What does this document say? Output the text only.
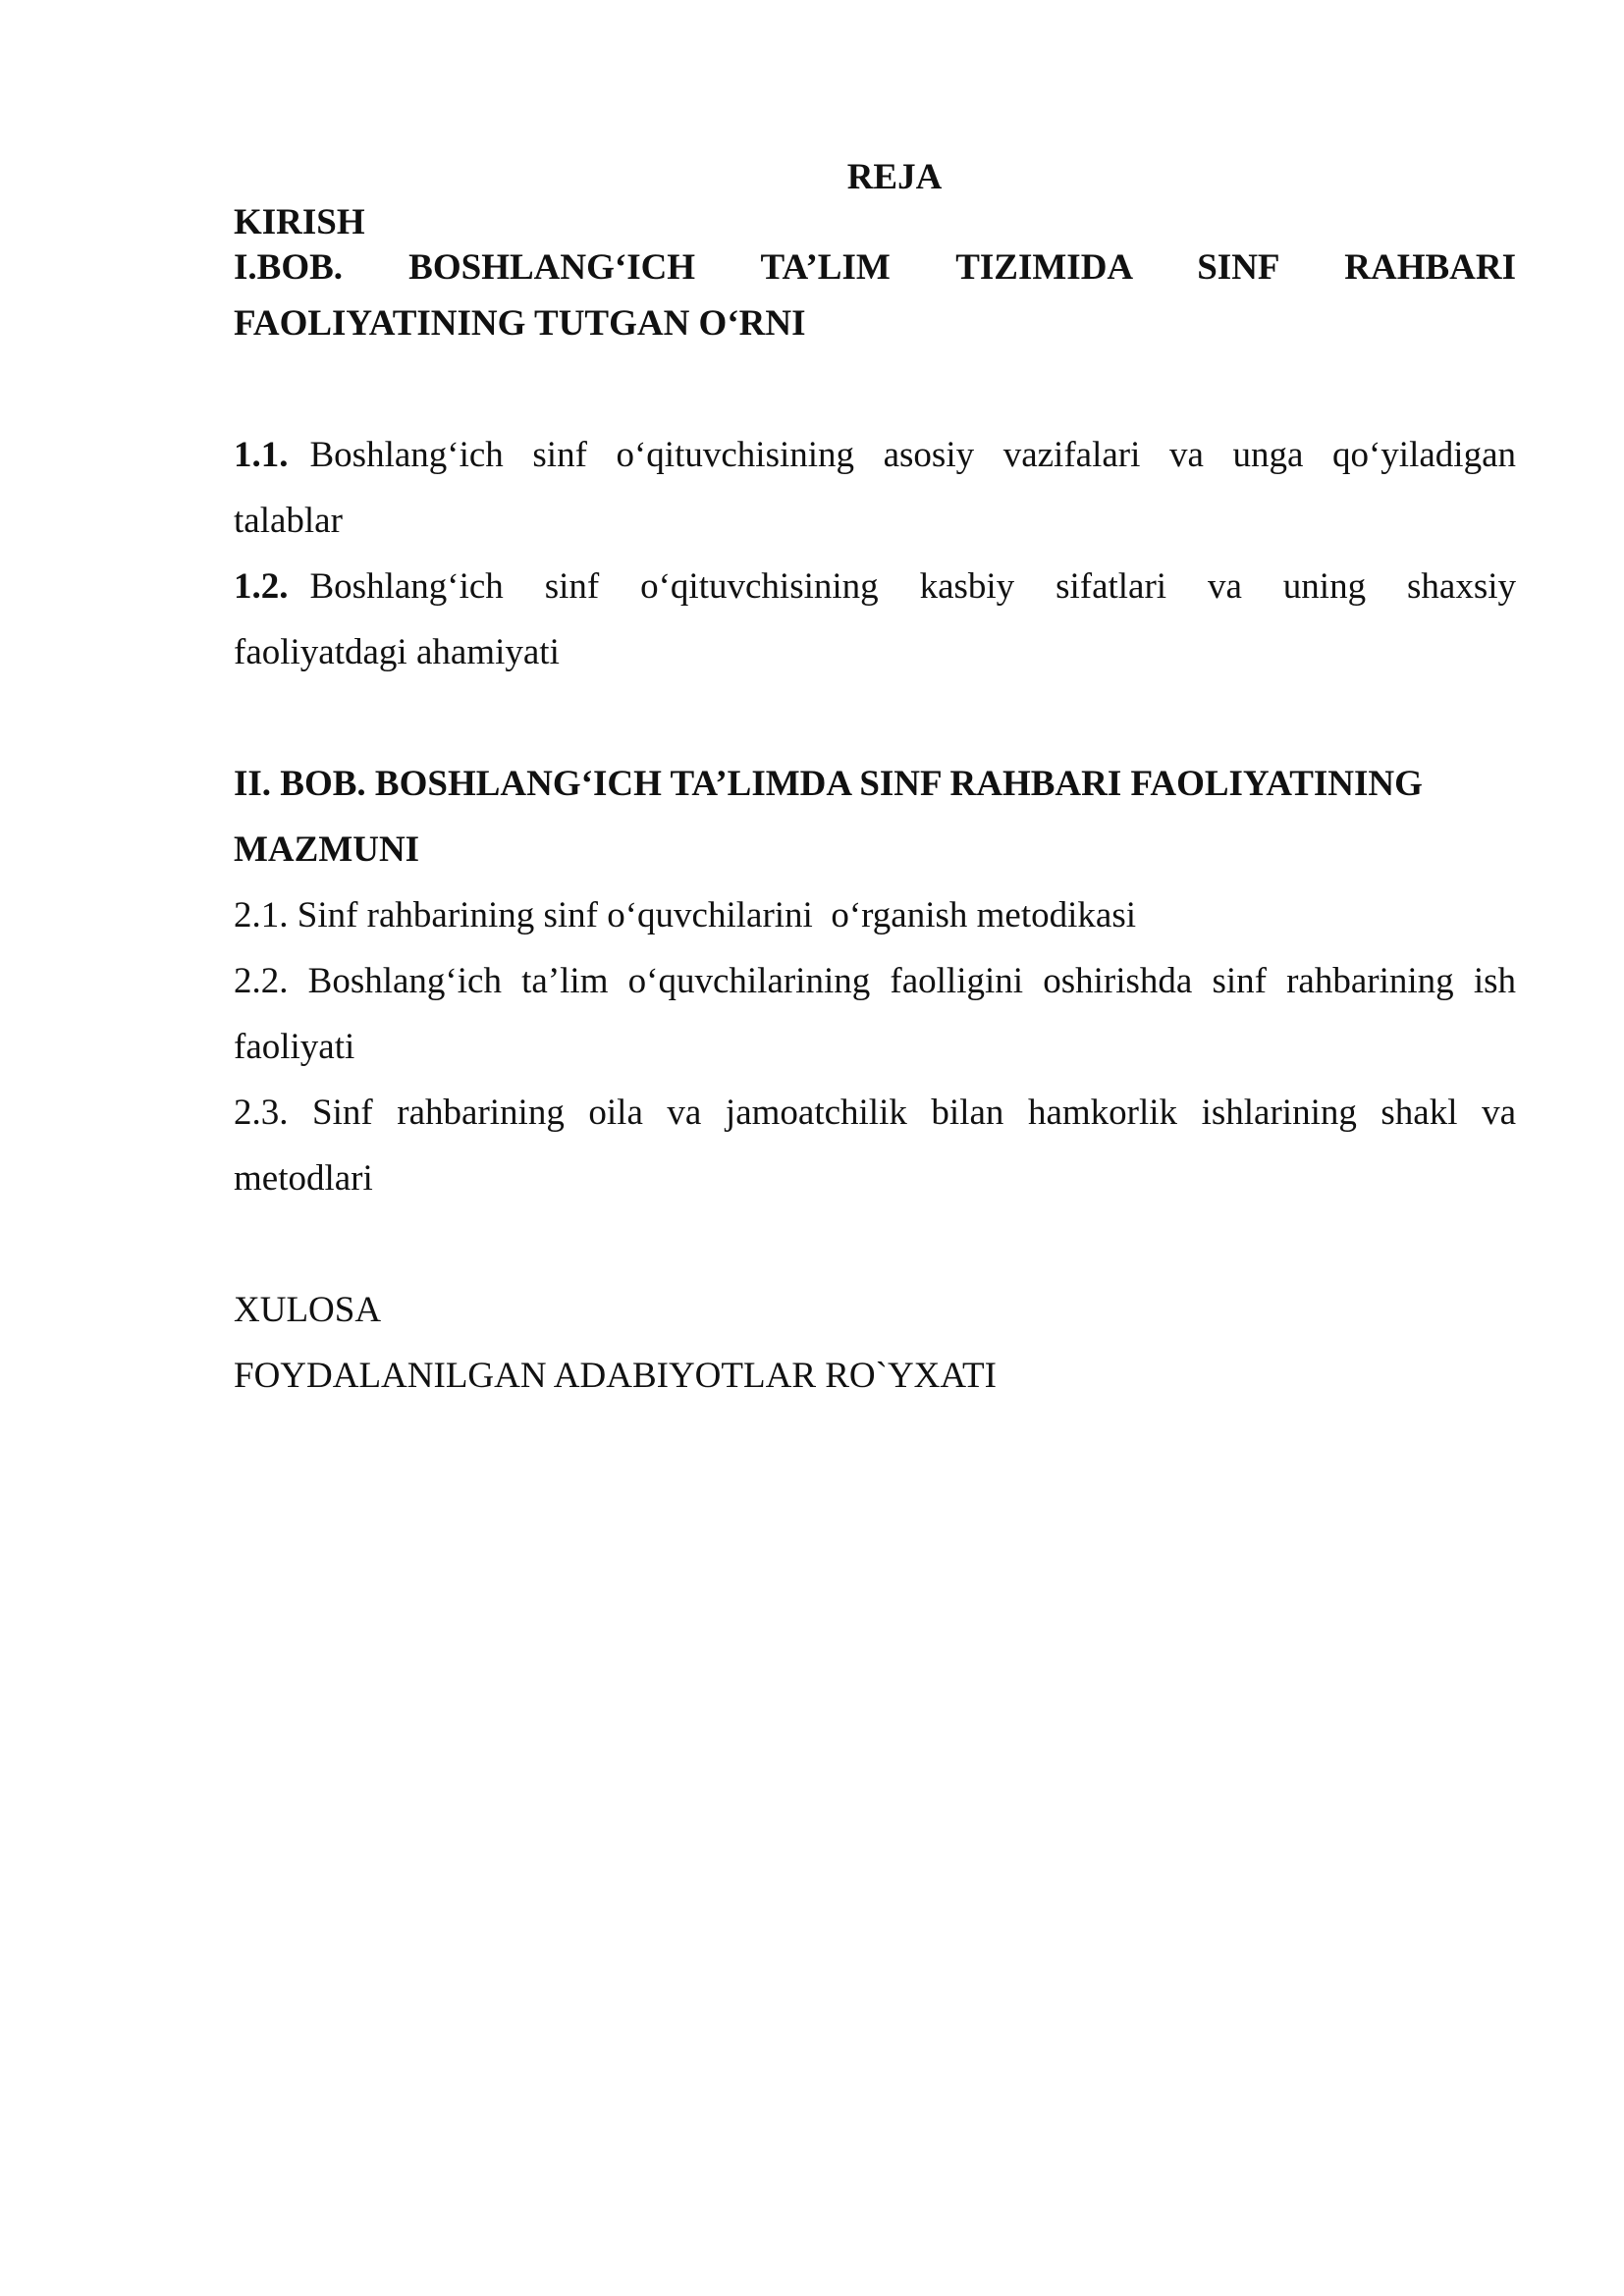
REJA
KIRISH
I.BOB. BOSHLANG‘ICH TA’LIM TIZIMIDA SINF RAHBARI
FAOLIYATINING TUTGAN O‘RNI
1.1. Boshlang‘ich sinf o‘qituvchisining asosiy vazifalari va unga qo‘yiladigan
talablar
1.2. Boshlang‘ich sinf o‘qituvchisining kasbiy sifatlari va uning shaxsiy
faoliyatdagi ahamiyati
II. BOB. BOSHLANG‘ICH TA’LIMDA SINF RAHBARI FAOLIYATINING
MAZMUNI
2.1. Sinf rahbarining sinf o‘quvchilarini  o‘rganish metodikasi
2.2. Boshlang‘ich ta’lim o‘quvchilarining faolligini oshirishda sinf rahbarining ish
faoliyati
2.3. Sinf rahbarining oila va jamoatchilik bilan hamkorlik ishlarining shakl va
metodlari
XULOSA
FOYDALANILGAN ADABIYOTLAR RO`YXATI
